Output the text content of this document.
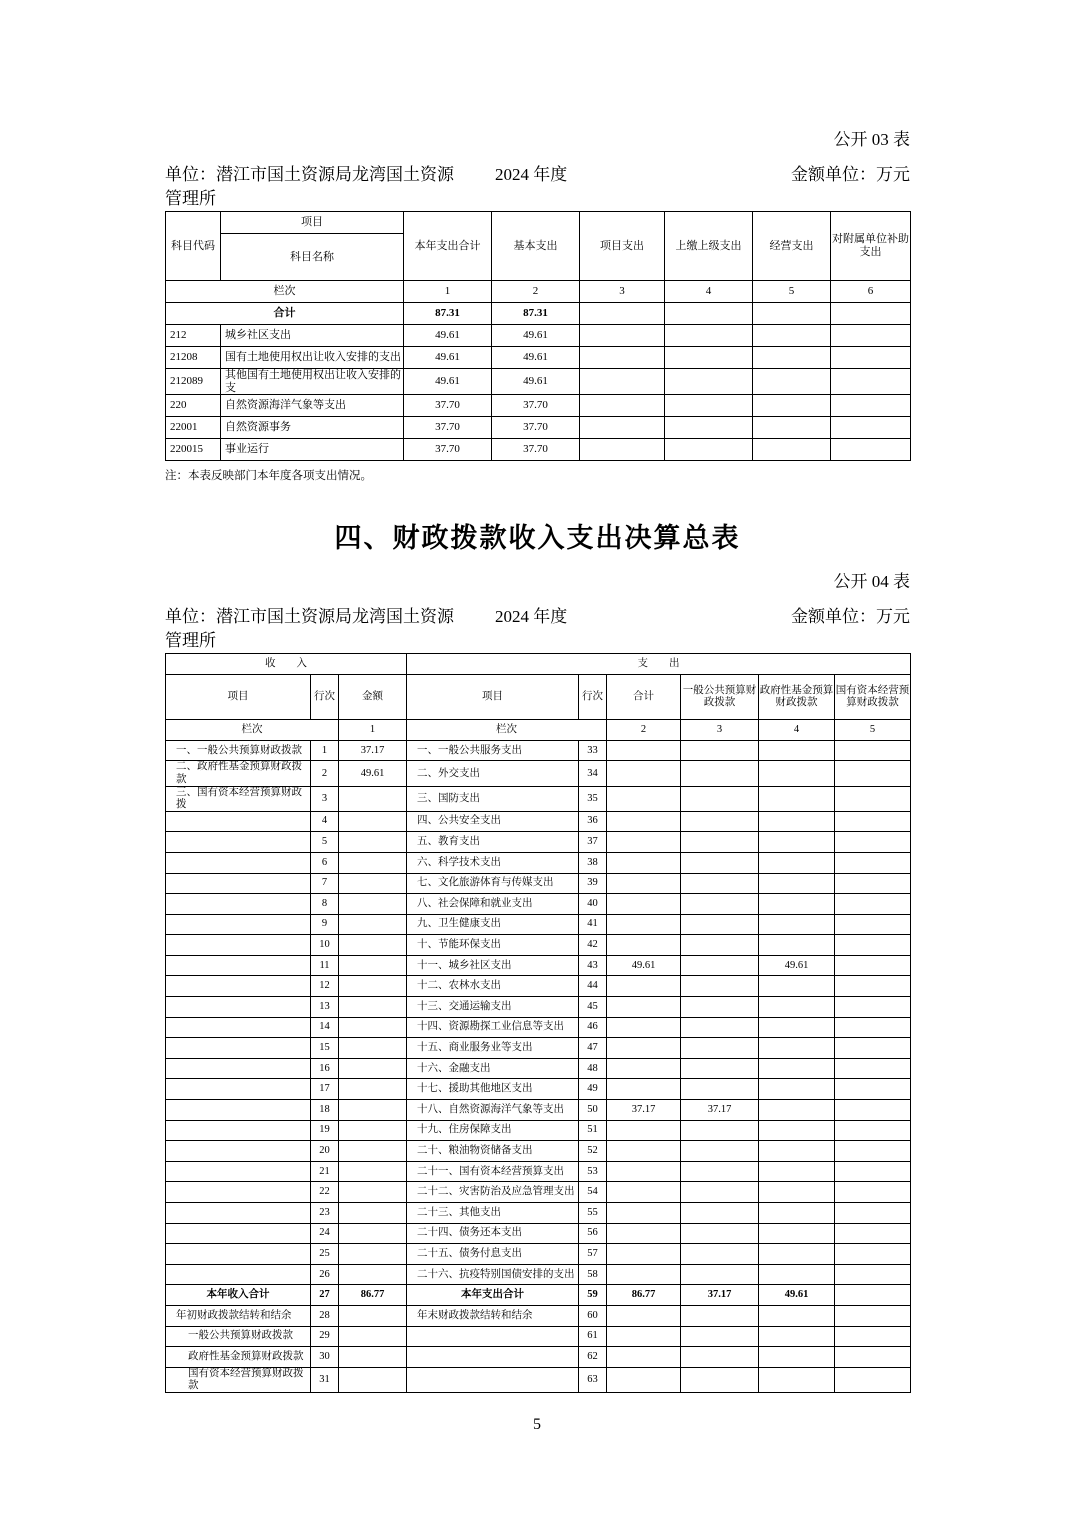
公开 03 表
单位：潜江市国土资源局龙湾国土资源管理所
2024 年度	金额单位：万元
科目代码	项目	本年支出合计	基本支出	项目支出	上缴上级支出	经营支出	对附属单位补助支出
	科目名称						
栏次		1	2	3	4	5	6
合计		87.31	87.31				
212	城乡社区支出	49.61	49.61				
21208	国有土地使用权出让收入安排的支出	49.61	49.61				
212089	其他国有土地使用权出让收入安排的支	49.61	49.61				
220	自然资源海洋气象等支出	37.70	37.70				
22001	自然资源事务	37.70	37.70				
220015	事业运行	37.70	37.70				
注：本表反映部门本年度各项支出情况。
四、财政拨款收入支出决算总表
公开 04 表
单位：潜江市国土资源局龙湾国土资源管理所
2024 年度	金额单位：万元
收　　入			支　　出					
项目	行次	金额	项目	行次	合计	一般公共预算财政拨款	政府性基金预算财政拨款	国有资本经营预算财政拨款
栏次		1	栏次		2	3	4	5
一、一般公共预算财政拨款	1	37.17	一、一般公共服务支出	33				
二、政府性基金预算财政拨款	2	49.61	二、外交支出	34				
三、国有资本经营预算财政拨	3		三、国防支出	35				
	4		四、公共安全支出	36				
	5		五、教育支出	37				
	6		六、科学技术支出	38				
	7		七、文化旅游体育与传媒支出	39				
	8		八、社会保障和就业支出	40				
	9		九、卫生健康支出	41				
	10		十、节能环保支出	42				
	11		十一、城乡社区支出	43	49.61		49.61	
	12		十二、农林水支出	44				
	13		十三、交通运输支出	45				
	14		十四、资源勘探工业信息等支出	46				
	15		十五、商业服务业等支出	47				
	16		十六、金融支出	48				
	17		十七、援助其他地区支出	49				
	18		十八、自然资源海洋气象等支出	50	37.17	37.17		
	19		十九、住房保障支出	51				
	20		二十、粮油物资储备支出	52				
	21		二十一、国有资本经营预算支出	53				
	22		二十二、灾害防治及应急管理支出	54				
	23		二十三、其他支出	55				
	24		二十四、债务还本支出	56				
	25		二十五、债务付息支出	57				
	26		二十六、抗疫特别国债安排的支出	58				
本年收入合计	27	86.77	本年支出合计	59	86.77	37.17	49.61	
年初财政拨款结转和结余	28		年末财政拨款结转和结余	60				
一般公共预算财政拨款	29			61				
政府性基金预算财政拨款	30			62				
国有资本经营预算财政拨款	31			63				
5
